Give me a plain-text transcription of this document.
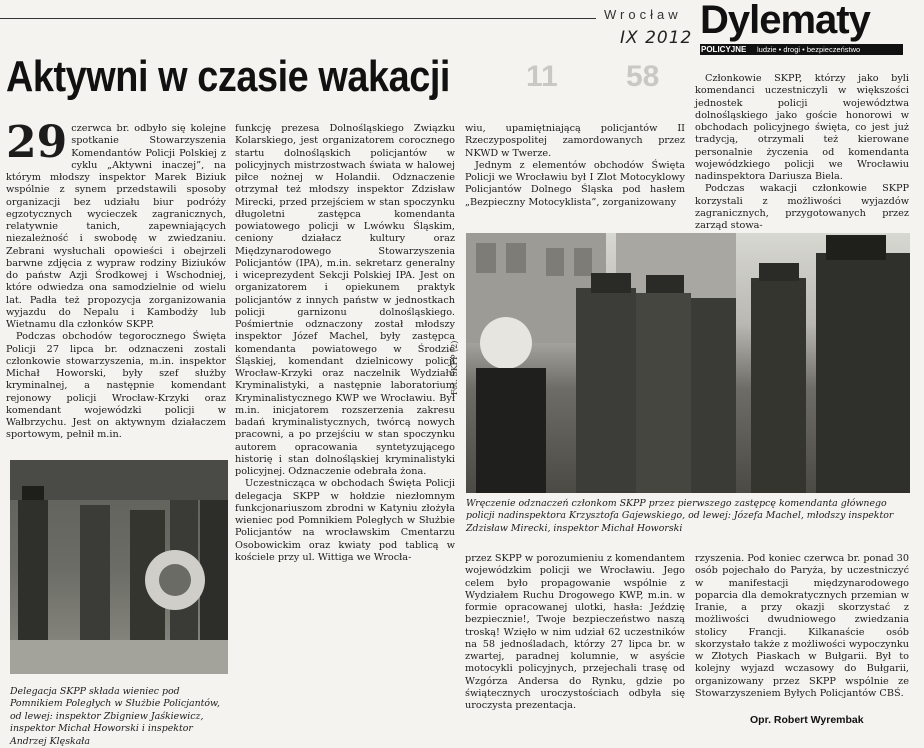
Wrocław
IX 2012 Dylematy
POLICYJNE ludzie • drogi • bezpieczeństwo
11 58
Aktywni w czasie wakacji

29 czerwca br. odbyło się kolejne spotkanie Stowarzyszenia Komendantów Policji Polskiej z cyklu „Aktywni inaczej”, na którym młodszy inspektor Marek Biziuk wspólnie z synem przedstawili sposoby organizacji bez udziału biur podróży egzotycznych wycieczek zagranicznych, relatywnie tanich, zapewniających niezależność i swobodę w zwiedzaniu. Zebrani wysłuchali opowieści i obejrzeli barwne zdjęcia z wypraw rodziny Biziuków do państw Azji Środkowej i Wschodniej, które odwiedza ona samodzielnie od wielu lat. Padła też propozycja zorganizowania wyjazdu do Nepalu i Kambodży lub Wietnamu dla członków SKPP.

Podczas obchodów tegorocznego Święta Policji 27 lipca br. odznaczeni zostali członkowie stowarzyszenia, m.in. inspektor Michał Howorski, były szef służby kryminalnej, a następnie komendant rejonowy policji Wrocław-Krzyki oraz komendant wojewódzki policji w Wałbrzychu. Jest on aktywnym działaczem sportowym, pełnił m.in.

funkcję prezesa Dolnośląskiego Związku Kolarskiego, jest organizatorem corocznego startu dolnośląskich policjantów w policyjnych mistrzostwach świata w halowej piłce nożnej w Holandii. Odznaczenie otrzymał też młodszy inspektor Zdzisław Mirecki, przed przejściem w stan spoczynku długoletni zastępca komendanta powiatowego policji w Lwówku Śląskim, ceniony działacz kultury oraz Międzynarodowego Stowarzyszenia Policjantów (IPA), m.in. sekretarz generalny i wiceprezydent Sekcji Polskiej IPA. Jest on organizatorem i opiekunem praktyk policjantów z innych państw w jednostkach policji garnizonu dolnośląskiego. Pośmiertnie odznaczony został młodszy inspektor Józef Machel, były zastępca komendanta powiatowego w Środzie Śląskiej, komendant dzielnicowy policji Wrocław-Krzyki oraz naczelnik Wydziału Kryminalistyki, a następnie laboratorium Kryminalistycznego KWP we Wrocławiu. Był m.in. inicjatorem rozszerzenia zakresu badań kryminalistycznych, twórcą nowych pracowni, a po przejściu w stan spoczynku autorem opracowania syntetyzującego historię i stan dolnośląskiej kryminalistyki policyjnej. Odznaczenie odebrała żona.

Uczestnicząca w obchodach Święta Policji delegacja SKPP w hołdzie niezłomnym funkcjonariuszom zbrodni w Katyniu złożyła wieniec pod Pomnikiem Poległych w Służbie Policjantów na wrocławskim Cmentarzu Osobowickim oraz kwiaty pod tablicą w kościele przy ul. Wittiga we Wrocła-

wiu, upamiętniającą policjantów II Rzeczypospolitej zamordowanych przez NKWD w Twerze.

Jednym z elementów obchodów Święta Policji we Wrocławiu był I Zlot Motocyklowy Policjantów Dolnego Śląska pod hasłem „Bezpieczny Motocyklista”, zorganizowany

Członkowie SKPP, którzy jako byli komendanci uczestniczyli w większości jednostek policji województwa dolnośląskiego jako goście honorowi w obchodach policyjnego święta, co jest już tradycją, otrzymali też kierowane personalnie życzenia od komendanta wojewódzkiego policji we Wrocławiu nadinspektora Dariusza Biela.

Podczas wakacji członkowie SKPP korzystali z możliwości wyjazdów zagranicznych, przygotowanych przez zarząd stowa-

Fot. SKPP (2)
Wręczenie odznaczeń członkom SKPP przez pierwszego zastępcę komendanta głównego policji nadinspektora Krzysztofa Gajewskiego, od lewej: Józefa Machel, młodszy inspektor Zdzisław Mirecki, inspektor Michał Howorski

przez SKPP w porozumieniu z komendantem wojewódzkim policji we Wrocławiu. Jego celem było propagowanie wspólnie z Wydziałem Ruchu Drogowego KWP, m.in. w formie opracowanej ulotki, hasła: Jeździę bezpiecznie!, Twoje bezpieczeństwo naszą troską! Wzięło w nim udział 62 uczestników na 58 jednośladach, którzy 27 lipca br. w zwartej, paradnej kolumnie, w asyście motocykli policyjnych, przejechali trasę od Wzgórza Andersa do Rynku, gdzie po świątecznych uroczystościach odbyła się uroczysta prezentacja.

rzyszenia. Pod koniec czerwca br. ponad 30 osób pojechało do Paryża, by uczestniczyć w manifestacji międzynarodowego poparcia dla demokratycznych przemian w Iranie, a przy okazji skorzystać z możliwości dwudniowego zwiedzania stolicy Francji. Kilkanaście osób skorzystało także z możliwości wypoczynku w Złotych Piaskach w Bułgarii. Był to kolejny wyjazd wczasowy do Bułgarii, organizowany przez SKPP wspólnie ze Stowarzyszeniem Byłych Policjantów CBŚ.

Delegacja SKPP składa wieniec pod Pomnikiem Poległych w Służbie Policjantów, od lewej: inspektor Zbigniew Jaśkiewicz, inspektor Michał Howorski i inspektor Andrzej Klęskała
Opr. Robert Wyrembak
